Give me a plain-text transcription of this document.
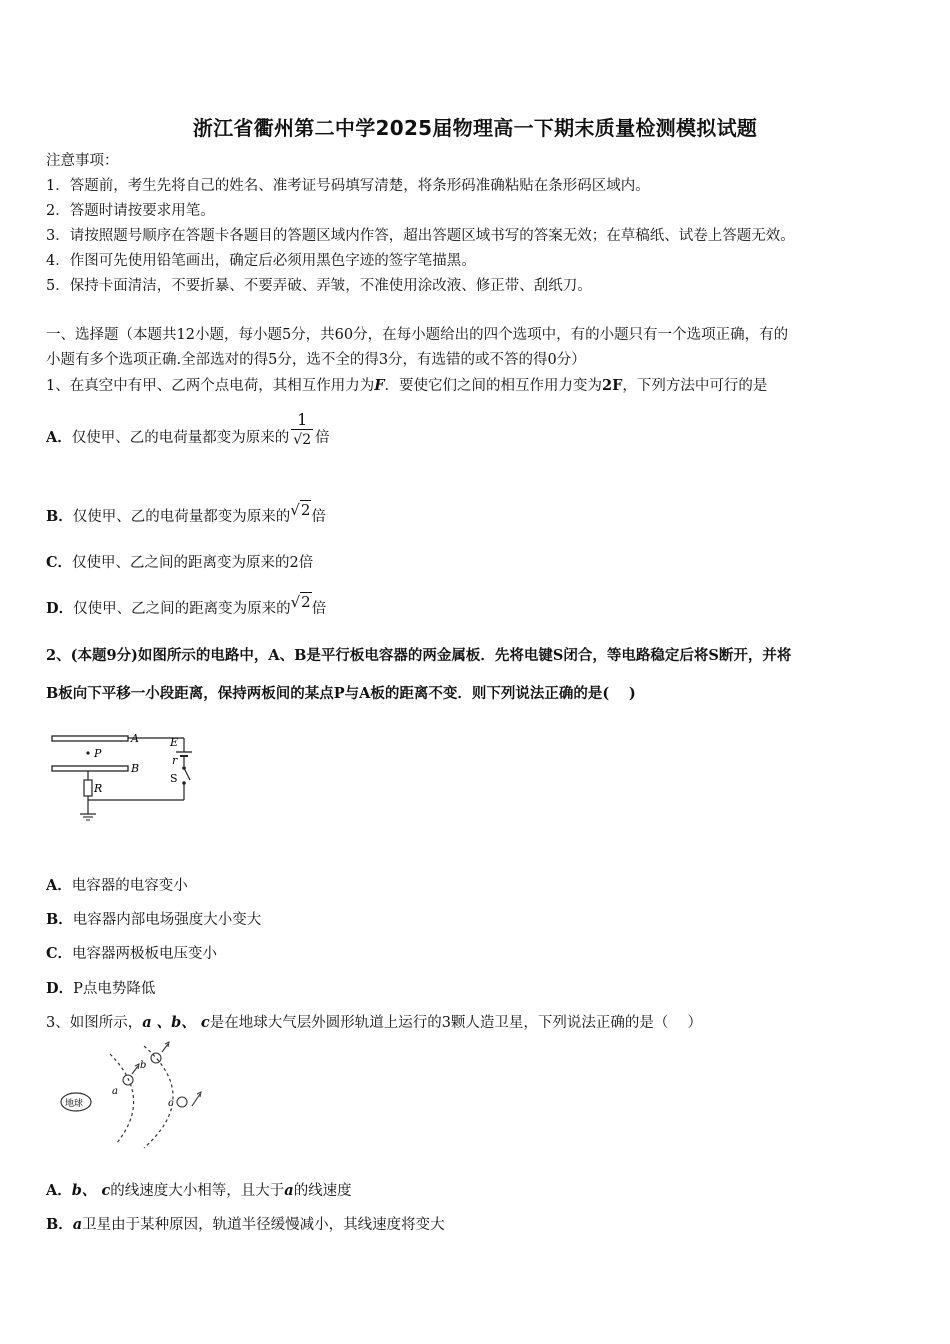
浙江省衢州第二中学2025届物理高一下期末质量检测模拟试题
注意事项：
1．答题前，考生先将自己的姓名、准考证号码填写清楚，将条形码准确粘贴在条形码区域内。
2．答题时请按要求用笔。
3．请按照题号顺序在答题卡各题目的答题区域内作答，超出答题区域书写的答案无效；在草稿纸、试卷上答题无效。
4．作图可先使用铅笔画出，确定后必须用黑色字迹的签字笔描黑。
5．保持卡面清洁，不要折暴、不要弄破、弄皱，不准使用涂改液、修正带、刮纸刀。
一、选择题（本题共12小题，每小题5分，共60分，在每小题给出的四个选项中，有的小题只有一个选项正确，有的
小题有多个选项正确.全部选对的得5分，选不全的得3分，有选错的或不答的得0分）
1、在真空中有甲、乙两个点电荷，其相互作用力为F．要使它们之间的相互作用力变为2F，下列方法中可行的是
A．仅使甲、乙的电荷量都变为原来的 $\frac{1}{√2}$ 倍
B．仅使甲、乙的电荷量都变为原来的√2倍
C．仅使甲、乙之间的距离变为原来的2倍
D．仅使甲、乙之间的距离变为原来的√2倍
2、(本题9分)如图所示的电路中，A、B是平行板电容器的两金属板．先将电键S闭合，等电路稳定后将S断开，并将
B板向下平移一小段距离，保持两板间的某点P与A板的距离不变．则下列说法正确的是(　 )
A
B
P
R
E
r
S
A．电容器的电容变小
B．电容器内部电场强度大小变大
C．电容器两极板电压变小
D．P点电势降低
3、如图所示，a 、b、 c是在地球大气层外圆形轨道上运行的3颗人造卫星，下列说法正确的是（　 ）
地球
a
b
c
A．b、 c的线速度大小相等，且大于a的线速度
B．a卫星由于某种原因，轨道半径缓慢减小，其线速度将变大
